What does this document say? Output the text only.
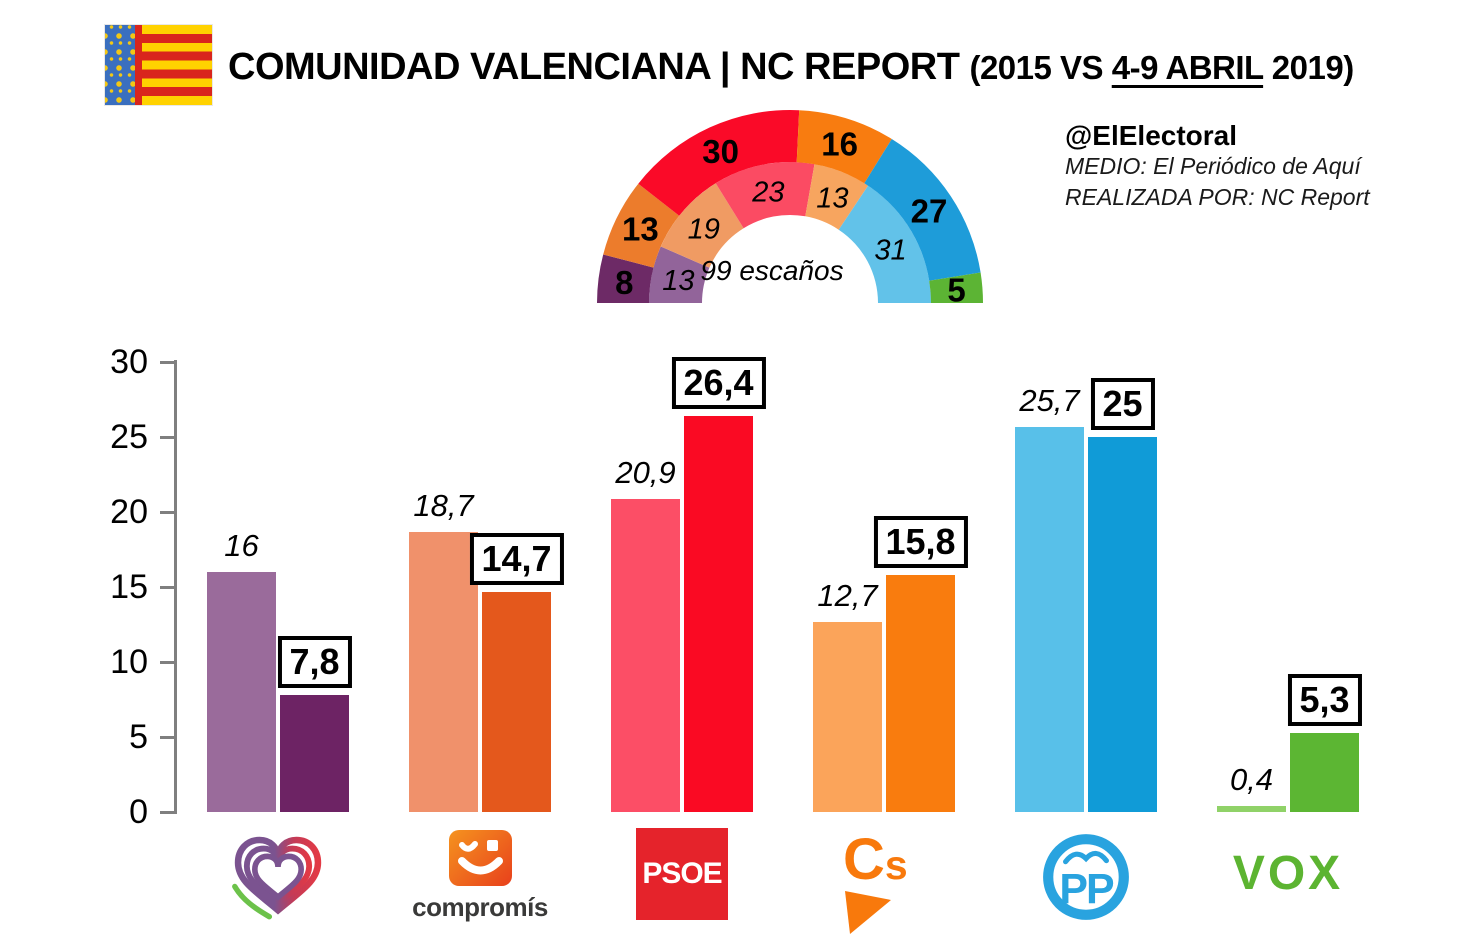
COMUNIDAD VALENCIANA | NC REPORT (2015 VS 4-9 ABRIL 2019)
@ElElectoral
MEDIO: El Periódico de Aquí
REALIZADA POR: NC Report
13
19
23 13
31
8
13
30 16
27
5
99 escaños
0
5
10
15
20
25
30
16
7,8
18,7
14,7
20,9
26,4
12,7
15,8
25,7 25
0,4
5,3
compromís
PSOE Cs
PP	VOX
